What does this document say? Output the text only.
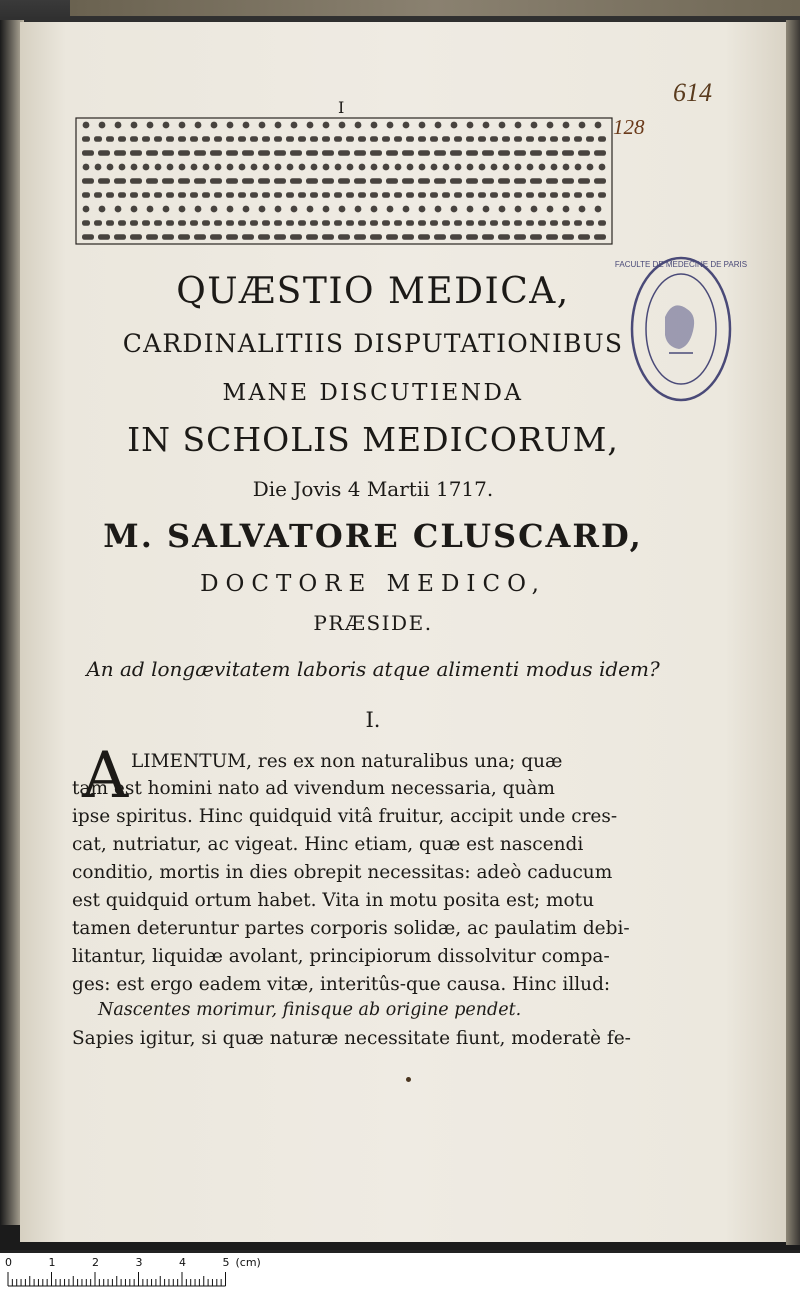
614
I
128
FACULTE DE MEDECINE DE PARIS
QUÆSTIO MEDICA,
CARDINALITIIS DISPUTATIONIBUS
MANE DISCUTIENDA
IN SCHOLIS MEDICORUM,
Die Jovis 4 Martii 1717.
M. SALVATORE CLUSCARD,
DOCTORE MEDICO,
PRÆSIDE.
An ad longævitatem laboris atque alimenti modus idem?
I.
A LIMENTUM, res ex non naturalibus una; quæ
tam est homini nato ad vivendum necessaria, quàm
ipse spiritus. Hinc quidquid vitâ fruitur, accipit unde cres-
cat, nutriatur, ac vigeat. Hinc etiam, quæ est nascendi
conditio, mortis in dies obrepit necessitas: adeò caducum
est quidquid ortum habet. Vita in motu posita est; motu
tamen deteruntur partes corporis solidæ, ac paulatim debi-
litantur, liquidæ avolant, principiorum dissolvitur compa-
ges: est ergo eadem vitæ, interitûs-que causa. Hinc illud:
Nascentes morimur, finisque ab origine pendet.
Sapies igitur, si quæ naturæ necessitate fiunt, moderatè fe-
0	1	2	3	4	5 (cm)
